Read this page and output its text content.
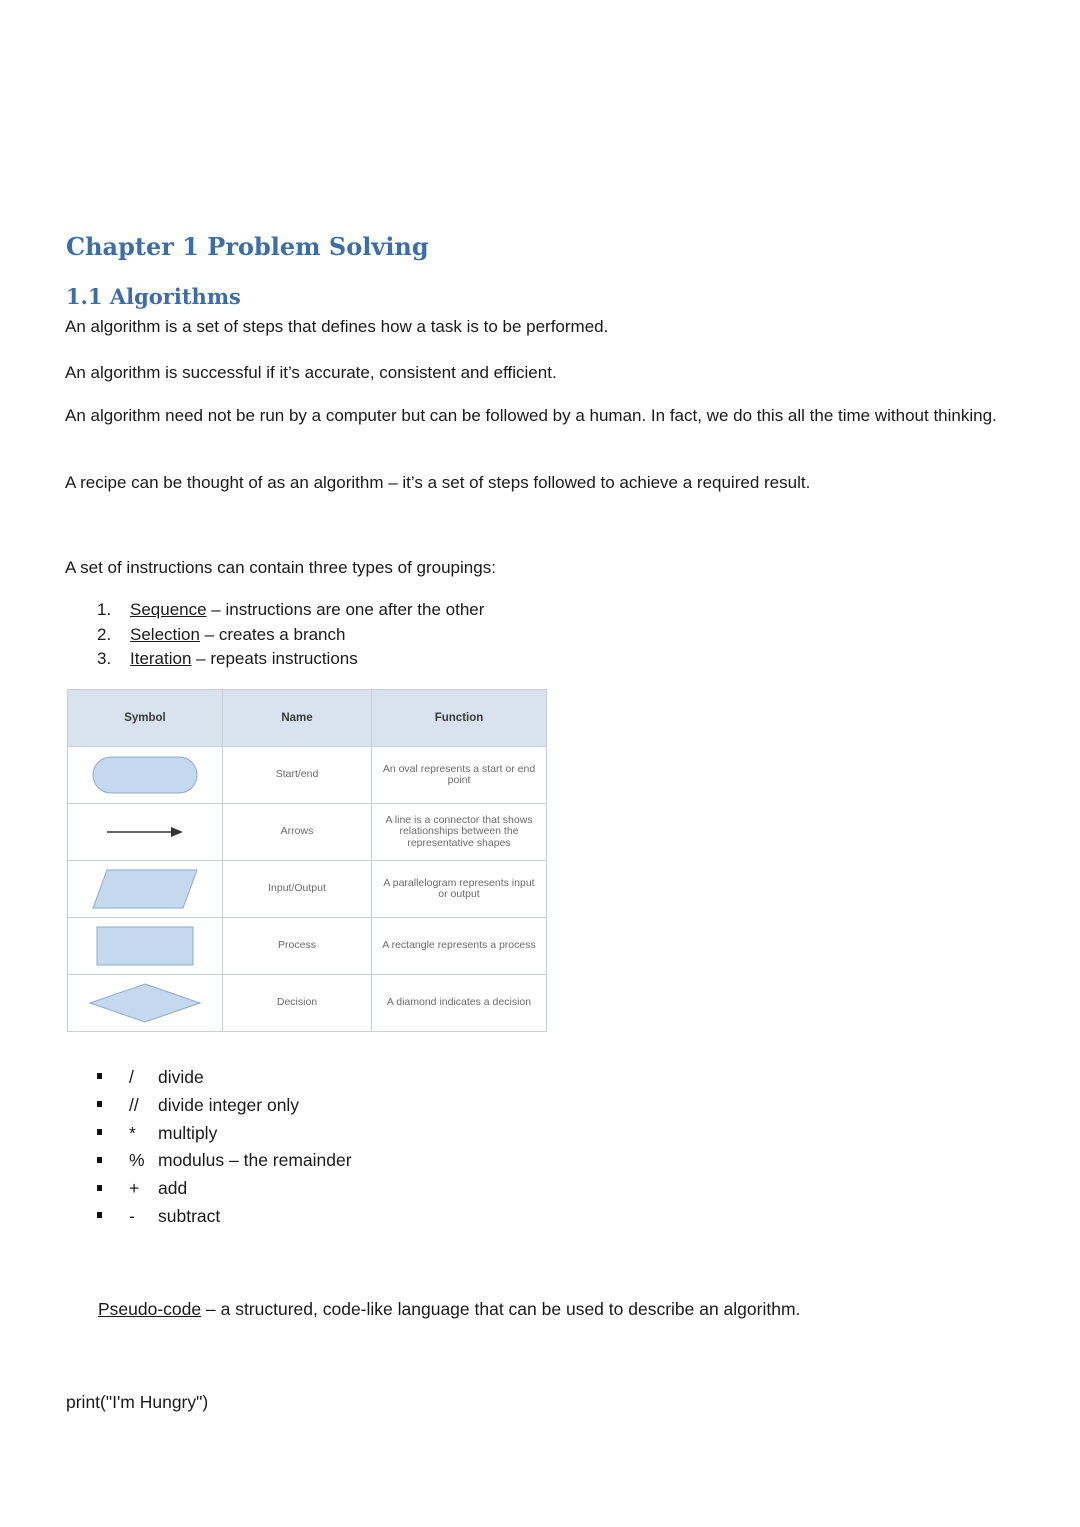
Chapter 1 Problem Solving
1.1 Algorithms

An algorithm is a set of steps that defines how a task is to be performed.

An algorithm is successful if it’s accurate, consistent and efficient.

An algorithm need not be run by a computer but can be followed by a human. In fact, we do this all the time without thinking.

A recipe can be thought of as an algorithm – it’s a set of steps followed to achieve a required result.

A set of instructions can contain three types of groupings:

1. Sequence – instructions are one after the other
2. Selection – creates a branch
3. Iteration – repeats instructions
Symbol	Name	Function

	Start/end	An oval represents a start or end point

	Arrows	A line is a connector that shows relationships between the representative shapes

	Input/Output	A parallelogram represents input or output

	Process	A rectangle represents a process

	Decision	A diamond indicates a decision
/ divide
// divide integer only
* multiply
% modulus – the remainder
+ add
- subtract

Pseudo-code – a structured, code-like language that can be used to describe an algorithm.

print("I'm Hungry")
